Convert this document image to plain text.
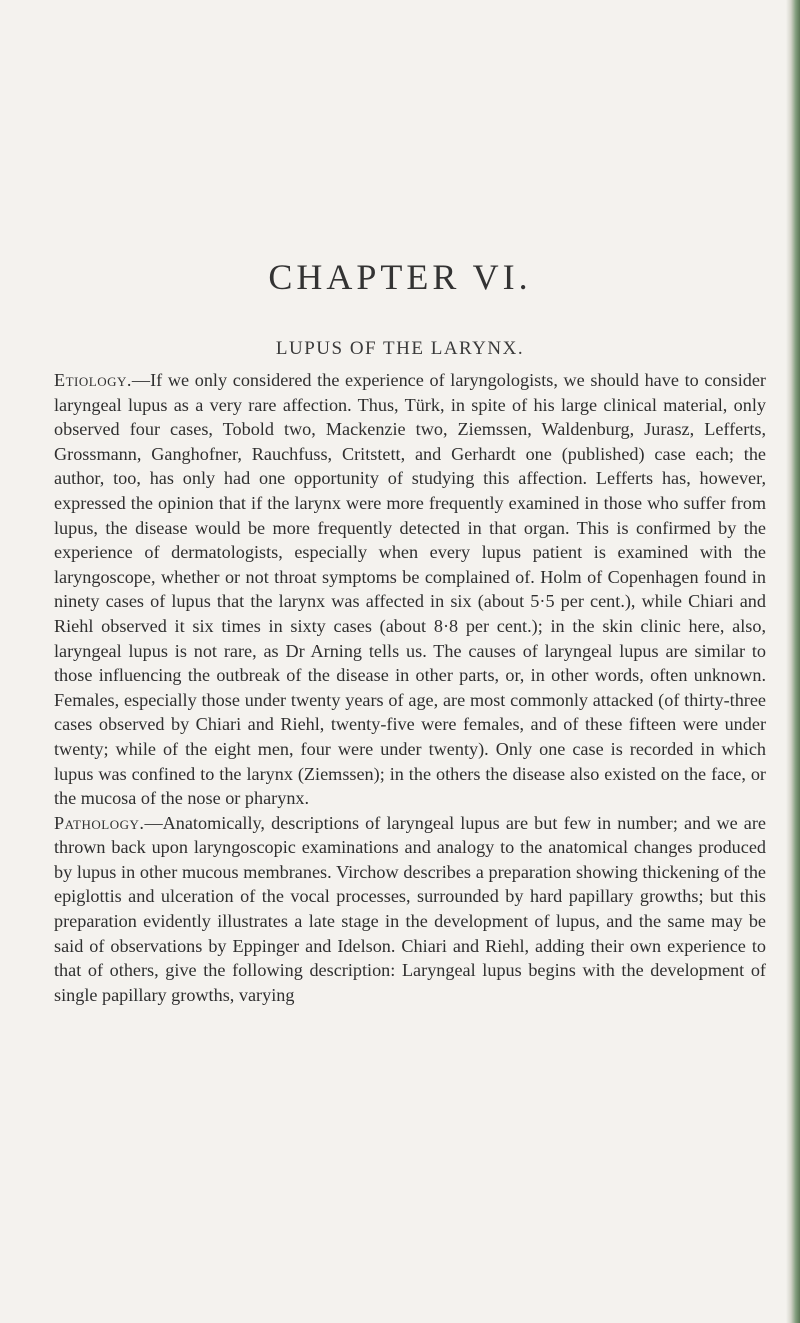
CHAPTER VI.
LUPUS OF THE LARYNX.

Etiology.—If we only considered the experience of laryngologists, we should have to consider laryngeal lupus as a very rare affection. Thus, Türk, in spite of his large clinical material, only observed four cases, Tobold two, Mackenzie two, Ziemssen, Waldenburg, Jurasz, Lefferts, Grossmann, Ganghofner, Rauchfuss, Critstett, and Gerhardt one (published) case each; the author, too, has only had one opportunity of studying this affection. Lefferts has, however, expressed the opinion that if the larynx were more frequently examined in those who suffer from lupus, the disease would be more frequently detected in that organ. This is confirmed by the experience of dermatologists, especially when every lupus patient is examined with the laryngoscope, whether or not throat symptoms be complained of. Holm of Copenhagen found in ninety cases of lupus that the larynx was affected in six (about 5·5 per cent.), while Chiari and Riehl observed it six times in sixty cases (about 8·8 per cent.); in the skin clinic here, also, laryngeal lupus is not rare, as Dr Arning tells us. The causes of laryngeal lupus are similar to those influencing the outbreak of the disease in other parts, or, in other words, often unknown. Females, especially those under twenty years of age, are most commonly attacked (of thirty-three cases observed by Chiari and Riehl, twenty-five were females, and of these fifteen were under twenty; while of the eight men, four were under twenty). Only one case is recorded in which lupus was confined to the larynx (Ziemssen); in the others the disease also existed on the face, or the mucosa of the nose or pharynx.

Pathology.—Anatomically, descriptions of laryngeal lupus are but few in number; and we are thrown back upon laryngoscopic examinations and analogy to the anatomical changes produced by lupus in other mucous membranes. Virchow describes a preparation showing thickening of the epiglottis and ulceration of the vocal processes, surrounded by hard papillary growths; but this preparation evidently illustrates a late stage in the development of lupus, and the same may be said of observations by Eppinger and Idelson. Chiari and Riehl, adding their own experience to that of others, give the following description: Laryngeal lupus begins with the development of single papillary growths, varying
